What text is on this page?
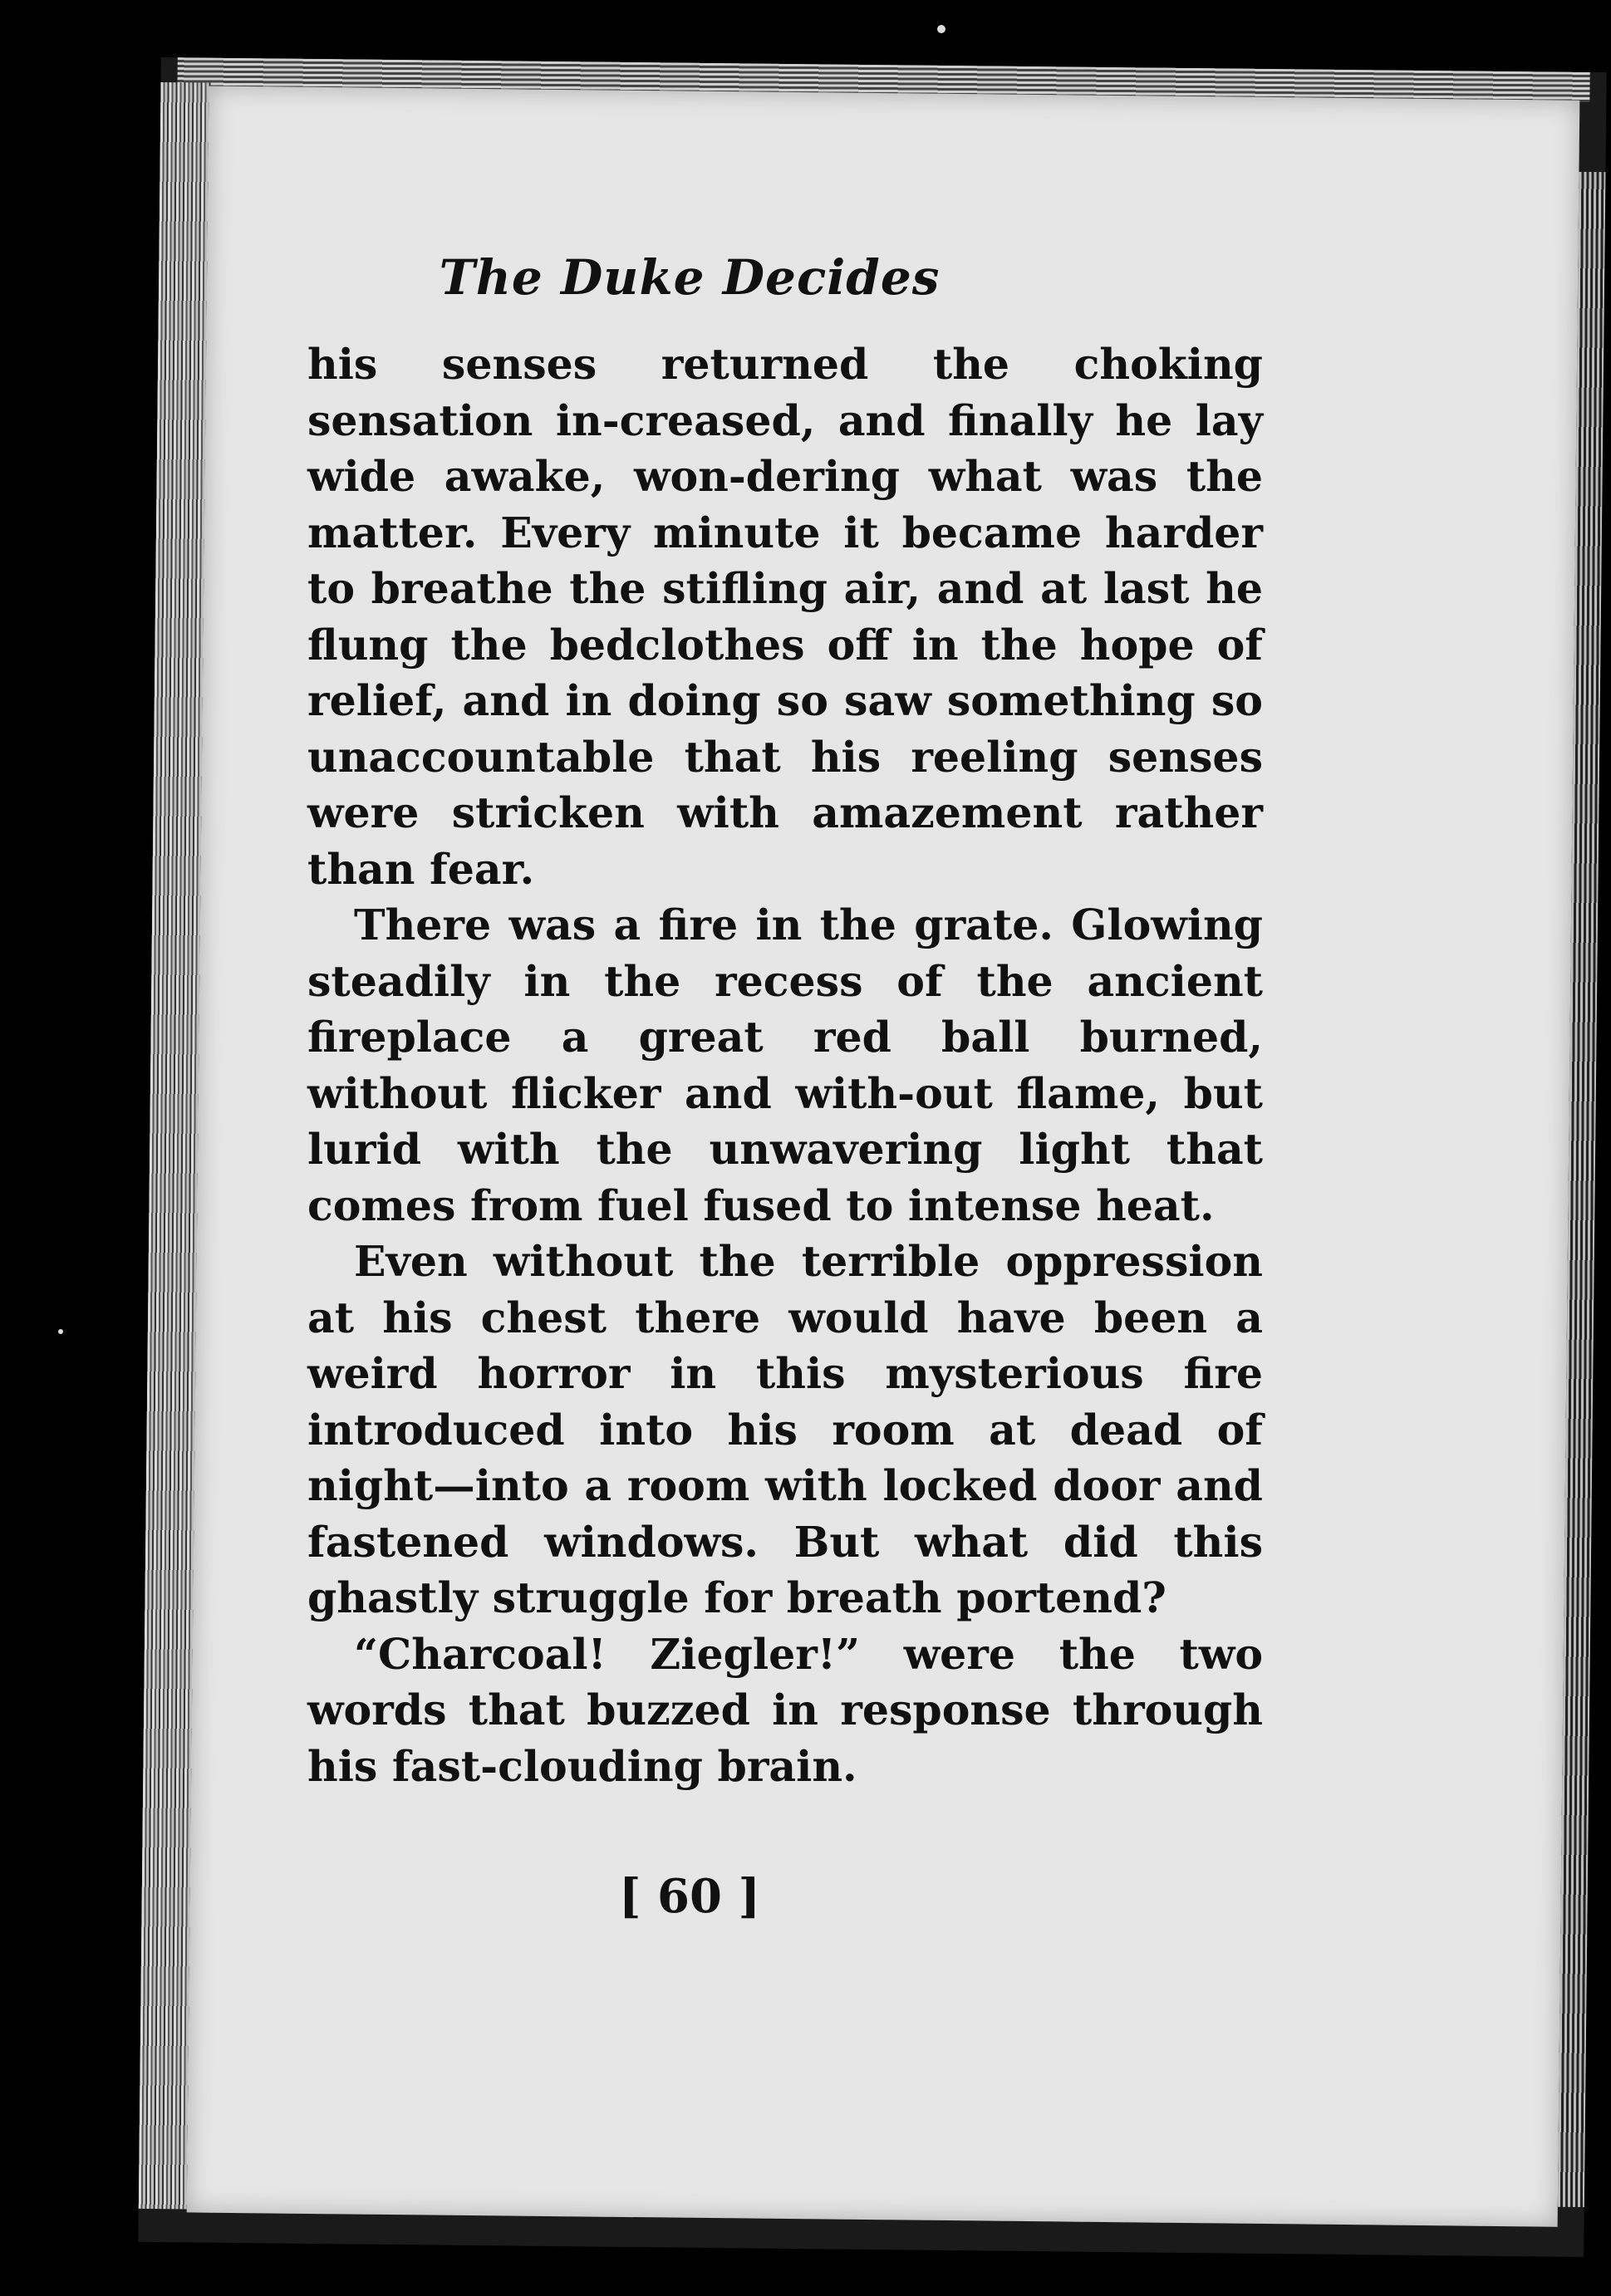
The Duke Decides

his senses returned the choking sensation in-creased, and finally he lay wide awake, won-dering what was the matter. Every minute it became harder to breathe the stifling air, and at last he flung the bedclothes off in the hope of relief, and in doing so saw something so unaccountable that his reeling senses were stricken with amazement rather than fear.

There was a fire in the grate. Glowing steadily in the recess of the ancient fireplace a great red ball burned, without flicker and with-out flame, but lurid with the unwavering light that comes from fuel fused to intense heat.

Even without the terrible oppression at his chest there would have been a weird horror in this mysterious fire introduced into his room at dead of night—into a room with locked door and fastened windows. But what did this ghastly struggle for breath portend?

“Charcoal! Ziegler!” were the two words that buzzed in response through his fast-clouding brain.

[ 60 ]
